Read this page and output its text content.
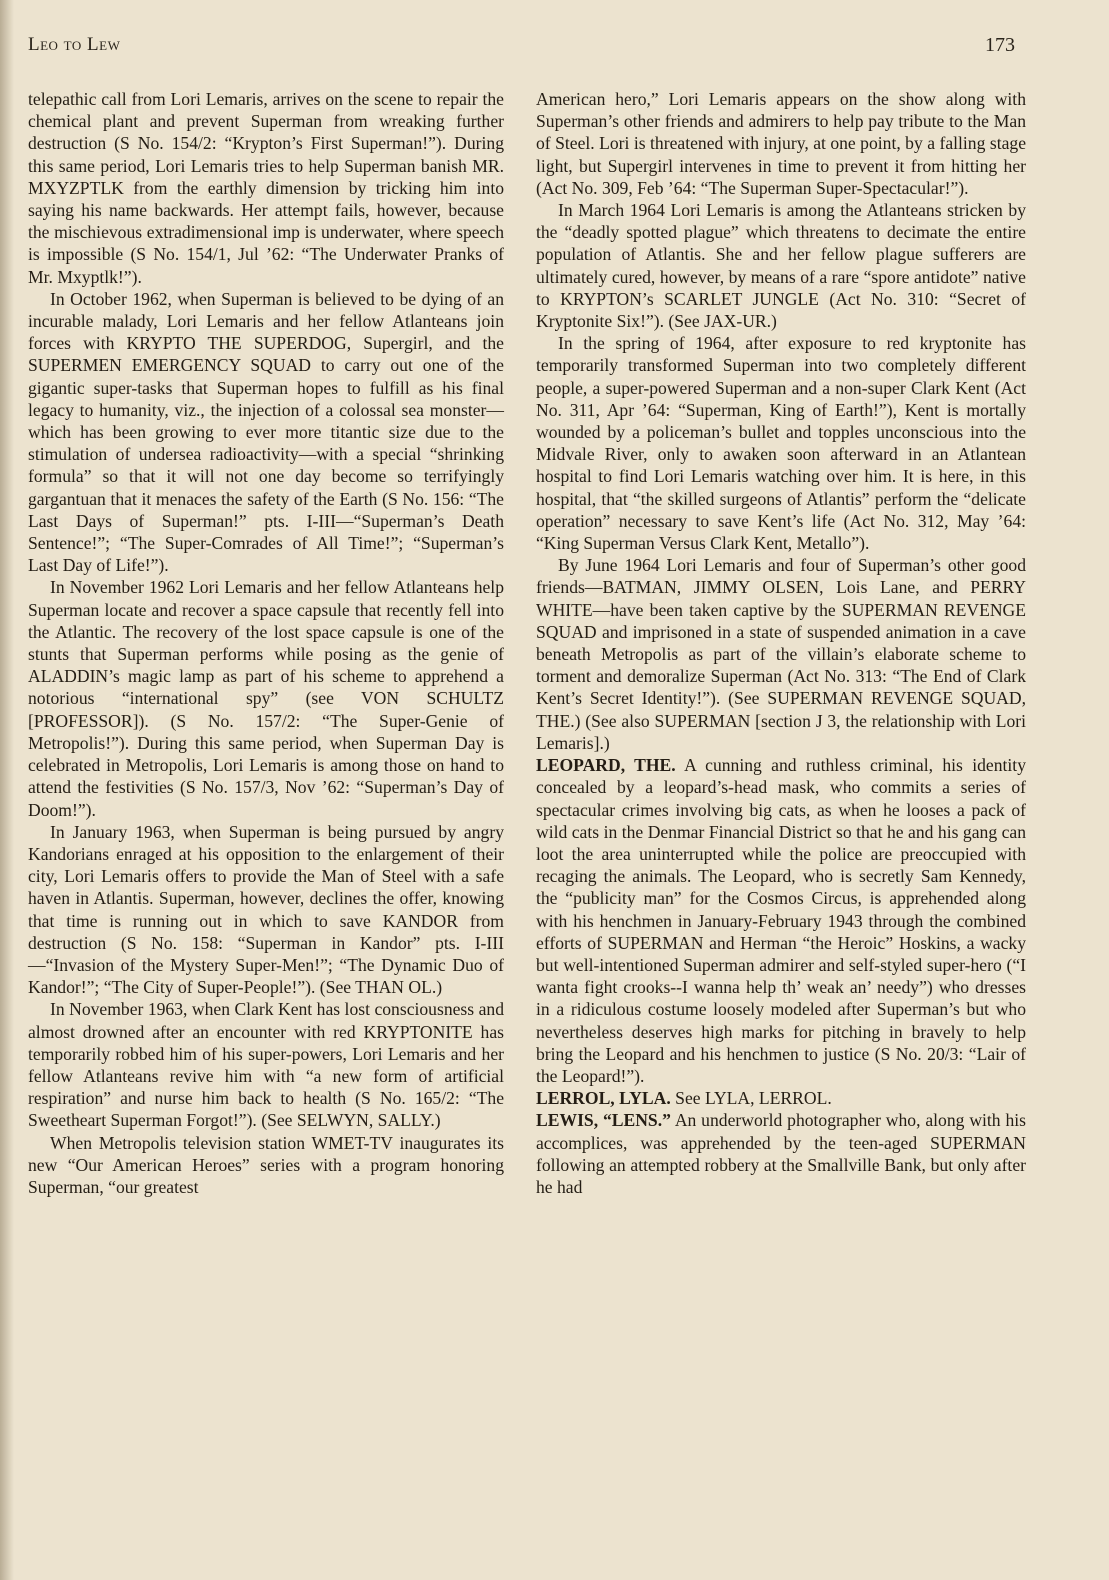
Leo to Lew	173

telepathic call from Lori Lemaris, arrives on the scene to repair the chemical plant and prevent Superman from wreaking further destruction (S No. 154/2: “Krypton’s First Superman!”). During this same period, Lori Lemaris tries to help Superman banish MR. MXYZPTLK from the earthly dimension by tricking him into saying his name backwards. Her attempt fails, however, because the mischievous extradimensional imp is underwater, where speech is impossible (S No. 154/1, Jul ’62: “The Underwater Pranks of Mr. Mxyptlk!”).

In October 1962, when Superman is believed to be dying of an incurable malady, Lori Lemaris and her fellow Atlanteans join forces with KRYPTO THE SUPERDOG, Supergirl, and the SUPERMEN EMERGENCY SQUAD to carry out one of the gigantic super-tasks that Superman hopes to fulfill as his final legacy to humanity, viz., the injection of a colossal sea monster—which has been growing to ever more titantic size due to the stimulation of undersea radioactivity—with a special “shrinking formula” so that it will not one day become so terrifyingly gargantuan that it menaces the safety of the Earth (S No. 156: “The Last Days of Superman!” pts. I-III—“Superman’s Death Sentence!”; “The Super-Comrades of All Time!”; “Superman’s Last Day of Life!”).

In November 1962 Lori Lemaris and her fellow Atlanteans help Superman locate and recover a space capsule that recently fell into the Atlantic. The recovery of the lost space capsule is one of the stunts that Superman performs while posing as the genie of ALADDIN’s magic lamp as part of his scheme to apprehend a notorious “international spy” (see VON SCHULTZ [PROFESSOR]). (S No. 157/2: “The Super-Genie of Metropolis!”). During this same period, when Superman Day is celebrated in Metropolis, Lori Lemaris is among those on hand to attend the festivities (S No. 157/3, Nov ’62: “Superman’s Day of Doom!”).

In January 1963, when Superman is being pursued by angry Kandorians enraged at his opposition to the enlargement of their city, Lori Lemaris offers to provide the Man of Steel with a safe haven in Atlantis. Superman, however, declines the offer, knowing that time is running out in which to save KANDOR from destruction (S No. 158: “Superman in Kandor” pts. I-III—“Invasion of the Mystery Super-Men!”; “The Dynamic Duo of Kandor!”; “The City of Super-People!”). (See THAN OL.)

In November 1963, when Clark Kent has lost consciousness and almost drowned after an encounter with red KRYPTONITE has temporarily robbed him of his super-powers, Lori Lemaris and her fellow Atlanteans revive him with “a new form of artificial respiration” and nurse him back to health (S No. 165/2: “The Sweetheart Superman Forgot!”). (See SELWYN, SALLY.)

When Metropolis television station WMET-TV inaugurates its new “Our American Heroes” series with a program honoring Superman, “our greatest

American hero,” Lori Lemaris appears on the show along with Superman’s other friends and admirers to help pay tribute to the Man of Steel. Lori is threatened with injury, at one point, by a falling stage light, but Supergirl intervenes in time to prevent it from hitting her (Act No. 309, Feb ’64: “The Superman Super-Spectacular!”).

In March 1964 Lori Lemaris is among the Atlanteans stricken by the “deadly spotted plague” which threatens to decimate the entire population of Atlantis. She and her fellow plague sufferers are ultimately cured, however, by means of a rare “spore antidote” native to KRYPTON’s SCARLET JUNGLE (Act No. 310: “Secret of Kryptonite Six!”). (See JAX-UR.)

In the spring of 1964, after exposure to red kryptonite has temporarily transformed Superman into two completely different people, a super-powered Superman and a non-super Clark Kent (Act No. 311, Apr ’64: “Superman, King of Earth!”), Kent is mortally wounded by a policeman’s bullet and topples unconscious into the Midvale River, only to awaken soon afterward in an Atlantean hospital to find Lori Lemaris watching over him. It is here, in this hospital, that “the skilled surgeons of Atlantis” perform the “delicate operation” necessary to save Kent’s life (Act No. 312, May ’64: “King Superman Versus Clark Kent, Metallo”).

By June 1964 Lori Lemaris and four of Superman’s other good friends—BATMAN, JIMMY OLSEN, Lois Lane, and PERRY WHITE—have been taken captive by the SUPERMAN REVENGE SQUAD and imprisoned in a state of suspended animation in a cave beneath Metropolis as part of the villain’s elaborate scheme to torment and demoralize Superman (Act No. 313: “The End of Clark Kent’s Secret Identity!”). (See SUPERMAN REVENGE SQUAD, THE.) (See also SUPERMAN [section J 3, the relationship with Lori Lemaris].)

LEOPARD, THE. A cunning and ruthless criminal, his identity concealed by a leopard’s-head mask, who commits a series of spectacular crimes involving big cats, as when he looses a pack of wild cats in the Denmar Financial District so that he and his gang can loot the area uninterrupted while the police are preoccupied with recaging the animals. The Leopard, who is secretly Sam Kennedy, the “publicity man” for the Cosmos Circus, is apprehended along with his henchmen in January-February 1943 through the combined efforts of SUPERMAN and Herman “the Heroic” Hoskins, a wacky but well-intentioned Superman admirer and self-styled super-hero (“I wanta fight crooks--I wanna help th’ weak an’ needy”) who dresses in a ridiculous costume loosely modeled after Superman’s but who nevertheless deserves high marks for pitching in bravely to help bring the Leopard and his henchmen to justice (S No. 20/3: “Lair of the Leopard!”).

LERROL, LYLA. See LYLA, LERROL.

LEWIS, “LENS.” An underworld photographer who, along with his accomplices, was apprehended by the teen-aged SUPERMAN following an attempted robbery at the Smallville Bank, but only after he had
